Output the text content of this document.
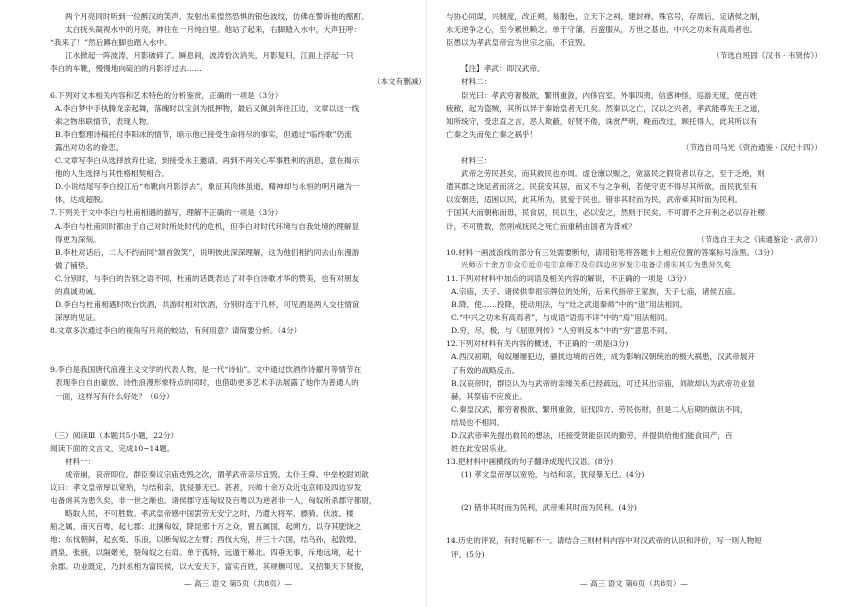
两个月亮同时听到一位醉汉的笑声，发射出来惶然恐惧的银色波纹，仿佛在警诉他的酩酊。

太白抚头凝视水中的月亮，神往在一月纯白里。他站了起来，右脚踏入水中，大声狂呼：

“我来了！”然后蹲在脚也踏入水中。

江水掀起一阵波涛，月影破碎了。瞬息间，波涛恰次消失，月影复归，江面上浮起一只

李白的车靴，慢慢地向碇泊的月影浮过去……

（本文有删减）

6.下列对文本相关内容和艺术特色的分析鉴赏，正确的一项是（3分）

A.李白梦中手执腾龙亲起舞，落魄时以宝剑为抵押物，最后又佩剑奔往江边，文章以这一线

索之物串联情节，表现人物。

B.李白整理诗稿托付李阳冰的情节，暗示他已接受生命将尽的事实，但通过“临终歌”仍流

露出对功名的眷恋。

C.文章写李白从选择放弃仕途，到接受永王邀请，再到不再关心军事胜利的消息，意在揭示

他的人生选择与其性格相契相合。

D.小说结尾写李白投江后“布靴向月影浮去”，象征其肉体虽逝，精神却与永恒的明月融为一

体，达成超脱。

7.下列关于文中李白与杜甫相遇的描写，理解不正确的一项是（3分）

A.李白与杜甫同时都由于自己对时所处时代的危机，但李白对时代环境与自我处境的理解显

得更为深刻。

B.李杜对话后，二人不约而同“颔首敛笑”，说明彼此深深理解，这为他们相约同去山东漫游

做了铺垫。

C.分别时，与李白的告别之语不同，杜甫的话既表达了对李白诗歌才华的赞美，也有对朋友

的真诚劝诫。

D.李白与杜甫相遇时吹台饮酒，共游时相对饮酒，分别时连干几杯，可见酒是两人交往情谊

深厚的见证。

8.文章多次通过李白的视角写月亮的蛟洁，有何用意？请简要分析。（4分）

9.李白是我国唐代浪漫主义文学的代表人物，是一代“诗仙”。文中通过饮酒作诗擢月等情节在

表现李白自由豪放、诗性浪漫形象特点的同时，也借助更多艺术手法展露了他作为普通人的

一面，这样写有什么好处？（6分）

（三）阅读Ⅲ（本题共5小题，22分）

阅读下面的文言文，完成10~14题。

材料一：

成帝崩，哀帝即位，群臣奏议宗庙迭毁之次，谓孝武帝亲尽宜毁。太仆王舜、中垒校尉刘歆

议曰：孝文皇帝厚以宽殆，与结和亲，犹侵暴无已。甚者，兴师十余万众近屯京师及四边岁发

屯备虏其为患久矣，非一世之渐也。诸侯郡守连匈奴及百粤以为逆者非一人，匈奴所杀郡守都尉，

略取人民，不可胜数。孝武皇帝感中国罢劳无安宁之时，乃遣大将军、骠骑、伏波、楼

船之属，南灭百粤，起七郡；北攘匈奴，降昆邪十万之众，置五属国，起朔方，以夺其肥饶之

地；东伐朝鲜，起玄菟、乐浪，以断匈奴之左臂；西伐大宛，并三十六国，结乌孙，起敦煌、

酒泉、张掖，以隔婼羌，裂匈奴之右肩。单于孤特，远遁于幕北。四垂无事，斥地远境，起十

余郡。功业既定，乃封丞相为富民侯，以大安天下，富实百姓，其规橅可见。又招集天下贤俊，

与协心同谋，兴制度，改正朔，易服色，立天下之祠，建封禅，殊官号，存周后，定诸侯之制，

永无逆争之心，至今累世赖之。单于守藩，百蛮服从，万世之基也，中兴之功未有高焉者也。

臣愚以为孝武皇帝宜为世宗之庙，不宜毁。

（节选自班固《汉书 · 韦贤传》）

【注】孝武：即汉武帝。

材料二：

臣光曰：孝武穷奢极欲，繁刑重敛，内侈宫室，外事四夷，信惑神怪，巡游无度，使百姓

疲敝，起为盗贼，其所以异于秦始皇者无几矣。然秦以之亡，汉以之兴者，孝武能尊先王之道，

知所统守，受忠直之言，恶人欺蔽，好贤不倦，诛赏严明，晚而改过，顾托得人，此其所以有

亡秦之失而免亡秦之祸乎！

（节选自司马光《资治通鉴 · 汉纪十四》）

材料三：

武帝之劳民甚矣，而其救民也亦周。虚仓廪以赈之，宽富民之假贷者以存之，至于乏绝，则

遣其郡之饶足者而济之，民获安其居，而又不与之争利，若使守吏不得尽其所欲，而民犹至有

以安朝廷，适困以民，此其所为，犹爱于民也。错非其时而为民，武帝乘其时而为民利。

于国其大而朝称而毋，民食居，民以生，必以安之，然则于民矣。不可谓不之开利之必以存社稷

计，不可胜数，然则戒抚民之死亡而重稍由国者为背戒？

（节选自王夫之《读通鉴论 · 武帝》）

10.材料一画波浪线的部分有三处需要断句，请用铅笔将答题卡上相应位置的答案标号涂黑。（3分）

兴师Ⓐ十余万Ⓑ众Ⓒ近Ⓓ屯Ⓔ京师Ⓕ及Ⓖ四边Ⓗ岁发Ⓘ屯备Ⓙ虏Ⓚ其Ⓛ为患Ⓜ久矣

11.下列对材料中加点的词语及相关内容的解说，不正确的一项是（3分）

A.宗庙，天子、诸侯供奉祖宗牌位的处所，后来代指帝王家族，天子七庙，诸侯五庙。

B.降，使……投降，使动用法，与“灶之武退秦师”中的“退”用法相同。

C.“中兴之功未有高焉者”，与成语“语焉不详”中的“焉”用法相同。

D.穷，尽，极，与《屈原列传》“人穷则反本”中的“穷”意思不同。

12.下列对材料有关内容的概述，不正确的一项是(3分)

A.西汉初期，匈奴屡屡犯边，骚扰边境的百姓，成为影响汉朝统治的极大祸患，汉武帝展开

了有效的战略反击。

B.汉哀帝时，群臣认为与武帝的亲缘关系已经疏远，可迁其出宗庙，刘歆却认为武帝功业显

赫，其祭庙不应废止。

C.秦皇汉武，都穷奢极欲、繁刑重敛，征伐四方、劳民伤财，但是二人后期的做法不同，

结局也不相同。

D.汉武帝率先提出救民的想法，还接受贤能臣民的勤劳，并提供给他们能食田产，百

姓在此安居乐业。

13.把材料中画横线的句子翻译成现代汉语。(8分)

(1) 孝文皇帝厚以宽殆，与结和亲，犹侵暴无已。(4分)

(2) 错非其时而为民利，武帝乘其时而为民利。(4分)

14.历史的评说，有时见解不一。请结合三则材料内容中对汉武帝的认识和评价，写一则人物短

评。(5分)

— 高三 语文 第5页（共8页）—	— 高三 语文 第6页（共8页）—
